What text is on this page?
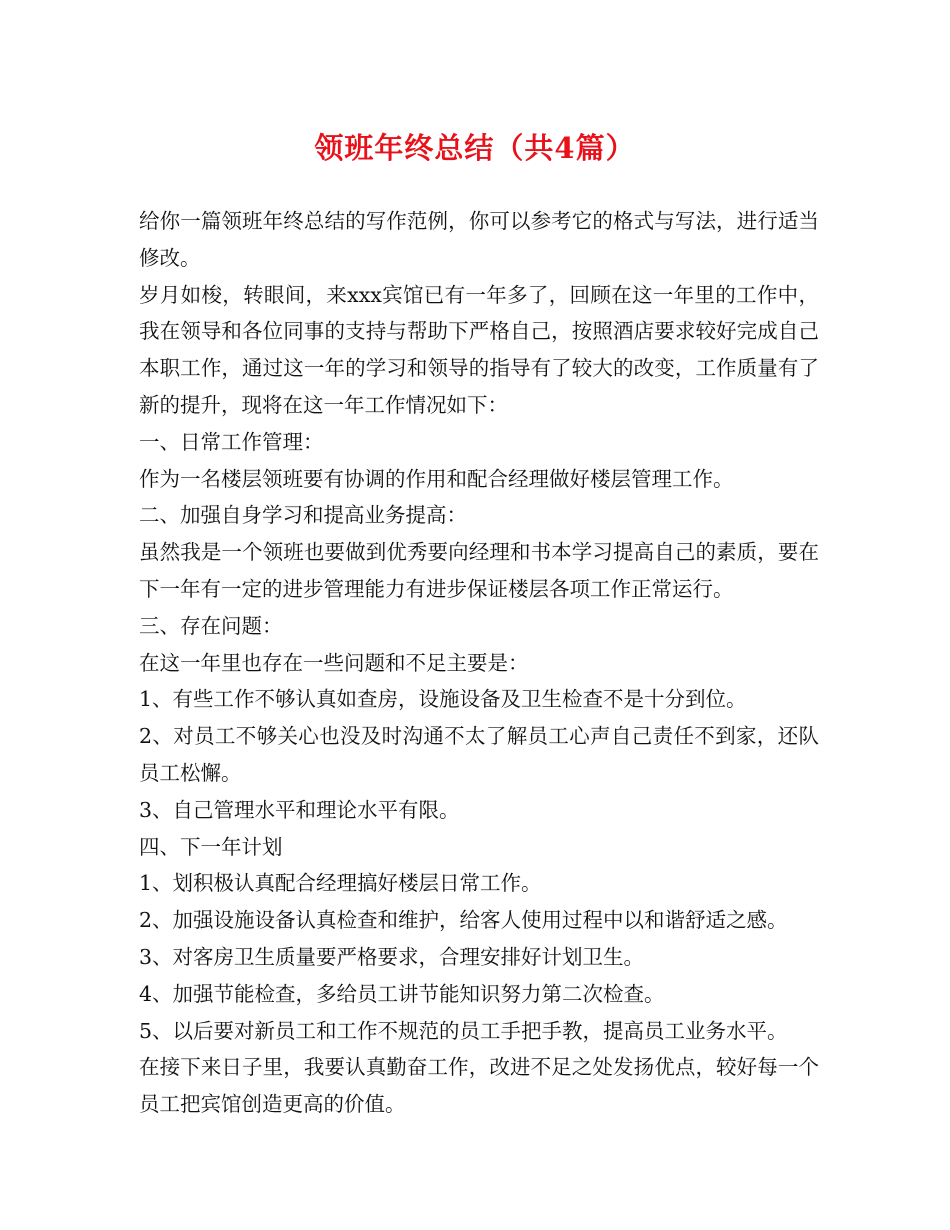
领班年终总结（共4篇）

给你一篇领班年终总结的写作范例，你可以参考它的格式与写法，进行适当修改。

岁月如梭，转眼间，来xxx宾馆已有一年多了，回顾在这一年里的工作中，我在领导和各位同事的支持与帮助下严格自己，按照酒店要求较好完成自己本职工作，通过这一年的学习和领导的指导有了较大的改变，工作质量有了新的提升，现将在这一年工作情况如下：

一、日常工作管理：

作为一名楼层领班要有协调的作用和配合经理做好楼层管理工作。

二、加强自身学习和提高业务提高：

虽然我是一个领班也要做到优秀要向经理和书本学习提高自己的素质，要在下一年有一定的进步管理能力有进步保证楼层各项工作正常运行。

三、存在问题：

在这一年里也存在一些问题和不足主要是：

1、有些工作不够认真如查房，设施设备及卫生检查不是十分到位。

2、对员工不够关心也没及时沟通不太了解员工心声自己责任不到家，还队员工松懈。

3、自己管理水平和理论水平有限。

四、下一年计划

1、划积极认真配合经理搞好楼层日常工作。

2、加强设施设备认真检查和维护，给客人使用过程中以和谐舒适之感。

3、对客房卫生质量要严格要求，合理安排好计划卫生。

4、加强节能检查，多给员工讲节能知识努力第二次检查。

5、以后要对新员工和工作不规范的员工手把手教，提高员工业务水平。

在接下来日子里，我要认真勤奋工作，改进不足之处发扬优点，较好每一个员工把宾馆创造更高的价值。
